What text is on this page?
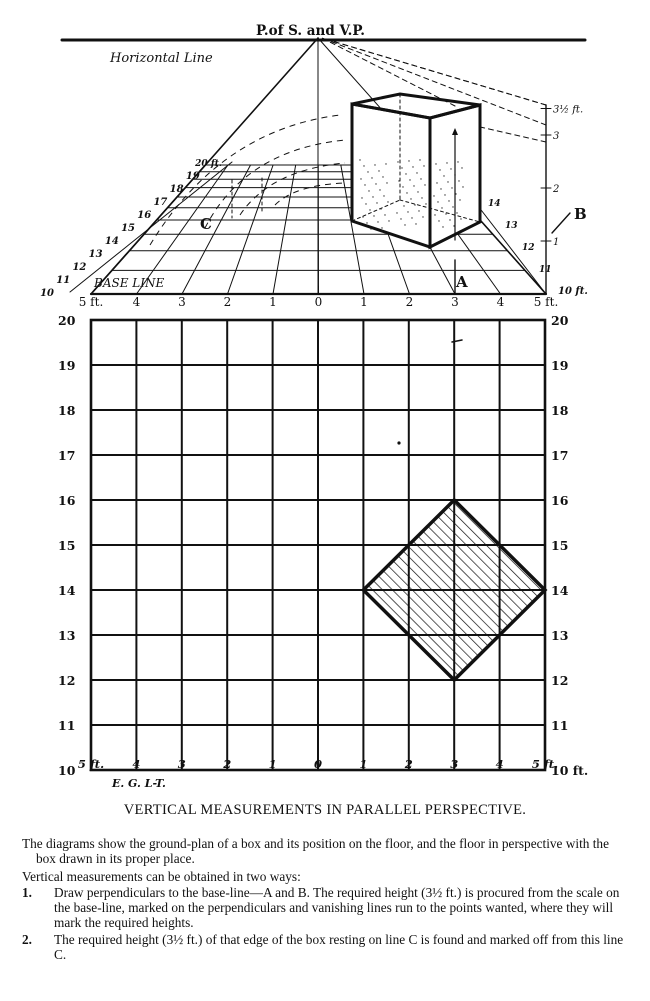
P.of S. and V.P.
Horizontal Line
10
11
12
13
14
15
16
17
18
19
20 ft.
10 ft.
11
12
13
14
5 ft. 4	3	2	1	0	1	2	3	4 5 ft.
BASE LINE
1
2
3
3½ ft.
B
A
C
20
19
18
17
16
15
14
13
12
11
10
20
19
18
17
16
15
14
13
12
11
10 ft.
5 ft. 4	3	2	1	0	1	2	3	4 5 ft.
E. G. L-T.
VERTICAL MEASUREMENTS IN PARALLEL PERSPECTIVE.

The diagrams show the ground-plan of a box and its position on the floor, and the floor in perspective with the box drawn in its proper place.

Vertical measurements can be obtained in two ways:

1. Draw perpendiculars to the base-line—A and B. The required height (3½ ft.) is procured from the scale on the base-line, marked on the perpendiculars and vanishing lines run to the points wanted, where they will mark the required heights.
2. The required height (3½ ft.) of that edge of the box resting on line C is found and marked off from this line C.
